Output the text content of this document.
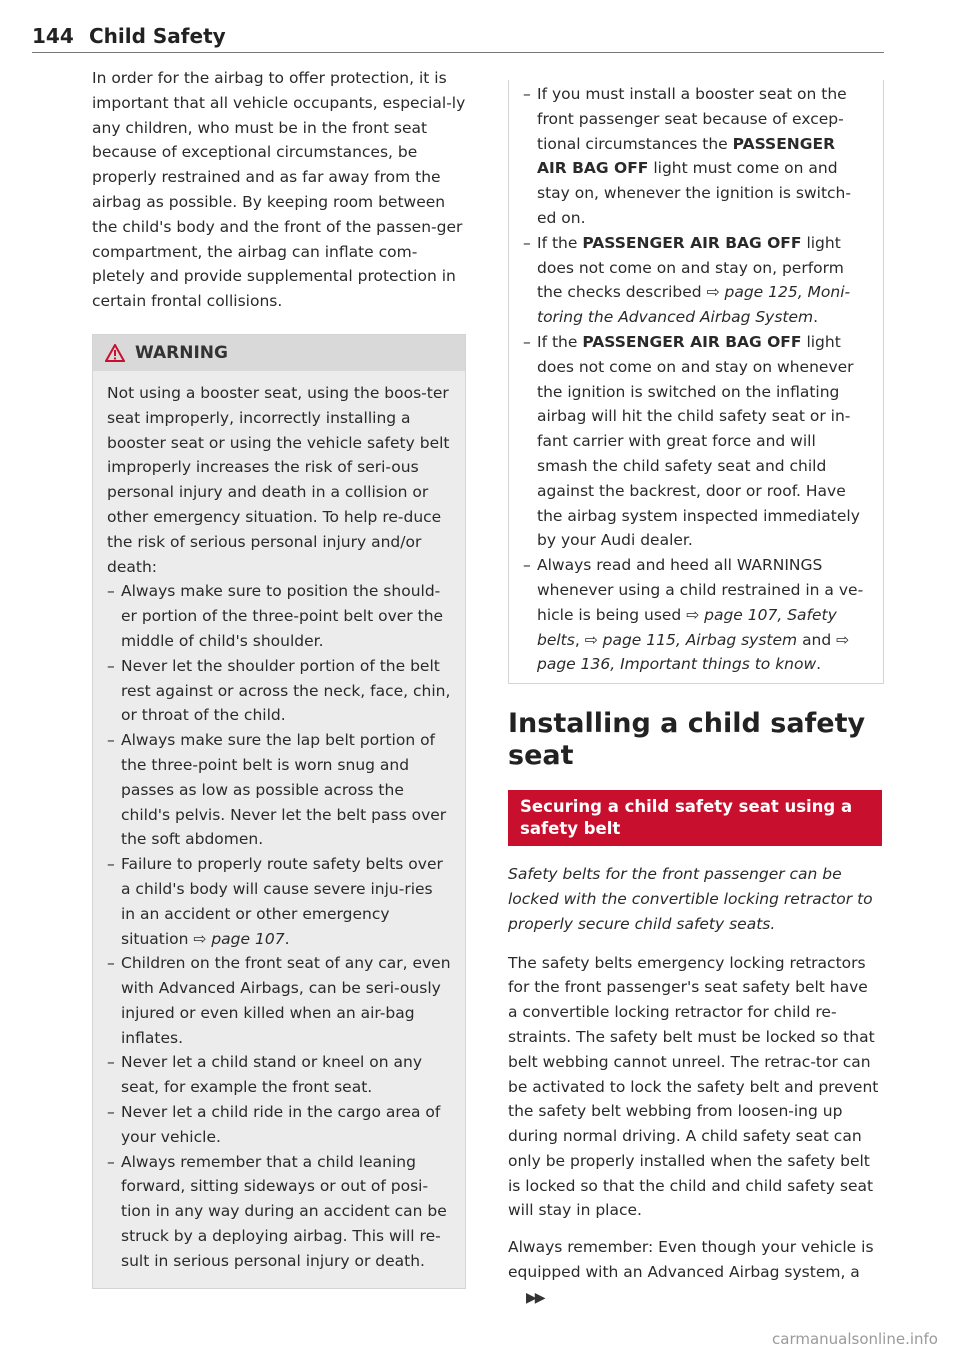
144 Child Safety

In order for the airbag to offer protection, it is important that all vehicle occupants, especial-ly any children, who must be in the front seat because of exceptional circumstances, be properly restrained and as far away from the airbag as possible. By keeping room between the child's body and the front of the passen-ger compartment, the airbag can inflate com-pletely and provide supplemental protection in certain frontal collisions.

WARNING

Not using a booster seat, using the boos-ter seat improperly, incorrectly installing a booster seat or using the vehicle safety belt improperly increases the risk of seri-ous personal injury and death in a collision or other emergency situation. To help re-duce the risk of serious personal injury and/or death:

– Always make sure to position the should-er portion of the three-point belt over the middle of child's shoulder.
– Never let the shoulder portion of the belt rest against or across the neck, face, chin, or throat of the child.
– Always make sure the lap belt portion of the three-point belt is worn snug and passes as low as possible across the child's pelvis. Never let the belt pass over the soft abdomen.
– Failure to properly route safety belts over a child's body will cause severe inju-ries in an accident or other emergency situation ⇨ page 107.
– Children on the front seat of any car, even with Advanced Airbags, can be seri-ously injured or even killed when an air-bag inflates.
– Never let a child stand or kneel on any seat, for example the front seat.
– Never let a child ride in the cargo area of your vehicle.
– Always remember that a child leaning forward, sitting sideways or out of posi-tion in any way during an accident can be struck by a deploying airbag. This will re-sult in serious personal injury or death.
– If you must install a booster seat on the front passenger seat because of excep-tional circumstances the PASSENGER AIR BAG OFF light must come on and stay on, whenever the ignition is switch-ed on.
– If the PASSENGER AIR BAG OFF light does not come on and stay on, perform the checks described ⇨ page 125, Moni-toring the Advanced Airbag System.
– If the PASSENGER AIR BAG OFF light does not come on and stay on whenever the ignition is switched on the inflating airbag will hit the child safety seat or in-fant carrier with great force and will smash the child safety seat and child against the backrest, door or roof. Have the airbag system inspected immediately by your Audi dealer.
– Always read and heed all WARNINGS whenever using a child restrained in a ve-hicle is being used ⇨ page 107, Safety belts, ⇨ page 115, Airbag system and ⇨ page 136, Important things to know.
Installing a child safety seat
Securing a child safety seat using a safety belt

Safety belts for the front passenger can be locked with the convertible locking retractor to properly secure child safety seats.

The safety belts emergency locking retractors for the front passenger's seat safety belt have a convertible locking retractor for child re-straints. The safety belt must be locked so that belt webbing cannot unreel. The retrac-tor can be activated to lock the safety belt and prevent the safety belt webbing from loosen-ing up during normal driving. A child safety seat can only be properly installed when the safety belt is locked so that the child and child safety seat will stay in place.

Always remember: Even though your vehicle is equipped with an Advanced Airbag system, a▶▶

carmanualsonline.info
